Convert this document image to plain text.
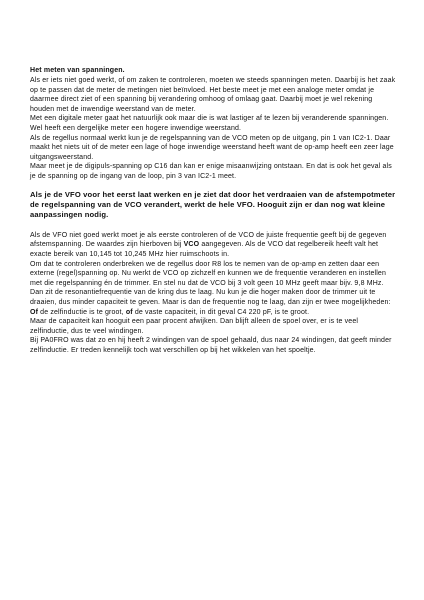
Het meten van spanningen.

Als er iets niet goed werkt, of om zaken te controleren, moeten we steeds spanningen meten. Daarbij is het zaak op te passen dat de meter de metingen niet beïnvloed. Het beste meet je met een analoge meter omdat je daarmee direct ziet of een spanning bij verandering omhoog of omlaag gaat. Daarbij moet je wel rekening houden met de inwendige weerstand van de meter.

Met een digitale meter gaat het natuurlijk ook maar die is wat lastiger af te lezen bij veranderende spanningen. Wel heeft een dergelijke meter een hogere inwendige weerstand.

Als de regellus normaal werkt kun je de regelspanning van de VCO meten op de uitgang, pin 1 van IC2-1. Daar maakt het niets uit of de meter een lage of hoge inwendige weerstand heeft want de op-amp heeft een zeer lage uitgangsweerstand.

Maar meet je de digipuls-spanning op C16 dan kan er enige misaanwijzing ontstaan. En dat is ook het geval als je de spanning op de ingang van de loop, pin 3 van IC2-1 meet.

Als je de VFO voor het eerst laat werken en je ziet dat door het verdraaien van de afstempotmeter de regelspanning van de VCO verandert, werkt de hele VFO. Hooguit zijn er dan nog wat kleine aanpassingen nodig.

Als de VFO niet goed werkt moet je als eerste controleren of de VCO de juiste frequentie geeft bij de gegeven afstemspanning. De waardes zijn hierboven bij VCO aangegeven. Als de VCO dat regelbereik heeft valt het exacte bereik van 10,145 tot 10,245 MHz hier ruimschoots in.

Om dat te controleren onderbreken we de regellus door R8 los te nemen van de op-amp en zetten daar een externe (regel)spanning op. Nu werkt de VCO op zichzelf en kunnen we de frequentie veranderen en instellen met die regelspanning én de trimmer. En stel nu dat de VCO bij 3 volt geen 10 MHz geeft maar bijv. 9,8 MHz. Dan zit de resonantiefrequentie van de kring dus te laag. Nu kun je die hoger maken door de trimmer uit te draaien, dus minder capaciteit te geven. Maar is dan de frequentie nog te laag, dan zijn er twee mogelijkheden:

Of de zelfinductie is te groot, of de vaste capaciteit, in dit geval C4 220 pF, is te groot.

Maar de capaciteit kan hooguit een paar procent afwijken. Dan blijft alleen de spoel over, er is te veel zelfinductie, dus te veel windingen.

Bij PA0FRO was dat zo en hij heeft 2 windingen van de spoel gehaald, dus naar 24 windingen, dat geeft minder zelfinductie. Er treden kennelijk toch wat verschillen op bij het wikkelen van het spoeltje.
